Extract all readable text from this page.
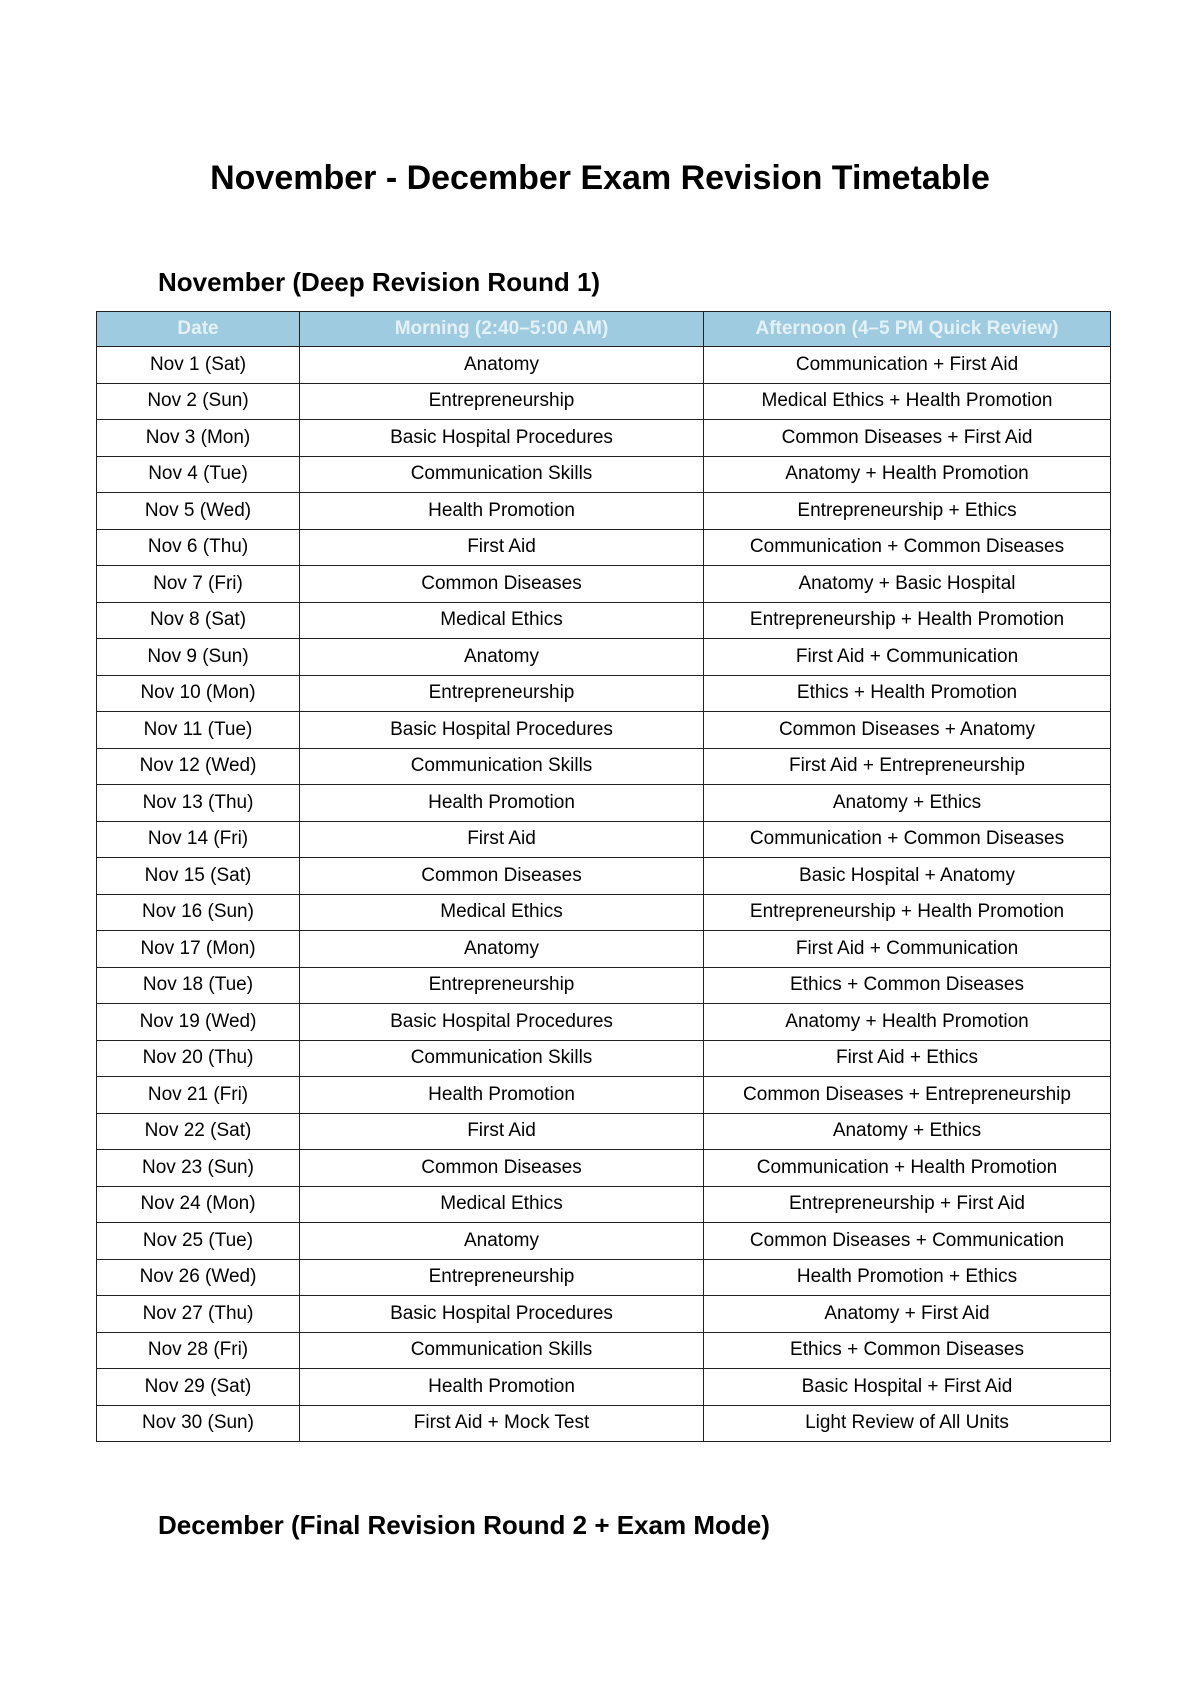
November - December Exam Revision Timetable
November (Deep Revision Round 1)
Date	Morning (2:40–5:00 AM)	Afternoon (4–5 PM Quick Review)
Nov 1 (Sat)	Anatomy	Communication + First Aid
Nov 2 (Sun)	Entrepreneurship	Medical Ethics + Health Promotion
Nov 3 (Mon)	Basic Hospital Procedures	Common Diseases + First Aid
Nov 4 (Tue)	Communication Skills	Anatomy + Health Promotion
Nov 5 (Wed)	Health Promotion	Entrepreneurship + Ethics
Nov 6 (Thu)	First Aid	Communication + Common Diseases
Nov 7 (Fri)	Common Diseases	Anatomy + Basic Hospital
Nov 8 (Sat)	Medical Ethics	Entrepreneurship + Health Promotion
Nov 9 (Sun)	Anatomy	First Aid + Communication
Nov 10 (Mon)	Entrepreneurship	Ethics + Health Promotion
Nov 11 (Tue)	Basic Hospital Procedures	Common Diseases + Anatomy
Nov 12 (Wed)	Communication Skills	First Aid + Entrepreneurship
Nov 13 (Thu)	Health Promotion	Anatomy + Ethics
Nov 14 (Fri)	First Aid	Communication + Common Diseases
Nov 15 (Sat)	Common Diseases	Basic Hospital + Anatomy
Nov 16 (Sun)	Medical Ethics	Entrepreneurship + Health Promotion
Nov 17 (Mon)	Anatomy	First Aid + Communication
Nov 18 (Tue)	Entrepreneurship	Ethics + Common Diseases
Nov 19 (Wed)	Basic Hospital Procedures	Anatomy + Health Promotion
Nov 20 (Thu)	Communication Skills	First Aid + Ethics
Nov 21 (Fri)	Health Promotion	Common Diseases + Entrepreneurship
Nov 22 (Sat)	First Aid	Anatomy + Ethics
Nov 23 (Sun)	Common Diseases	Communication + Health Promotion
Nov 24 (Mon)	Medical Ethics	Entrepreneurship + First Aid
Nov 25 (Tue)	Anatomy	Common Diseases + Communication
Nov 26 (Wed)	Entrepreneurship	Health Promotion + Ethics
Nov 27 (Thu)	Basic Hospital Procedures	Anatomy + First Aid
Nov 28 (Fri)	Communication Skills	Ethics + Common Diseases
Nov 29 (Sat)	Health Promotion	Basic Hospital + First Aid
Nov 30 (Sun)	First Aid + Mock Test	Light Review of All Units
December (Final Revision Round 2 + Exam Mode)
